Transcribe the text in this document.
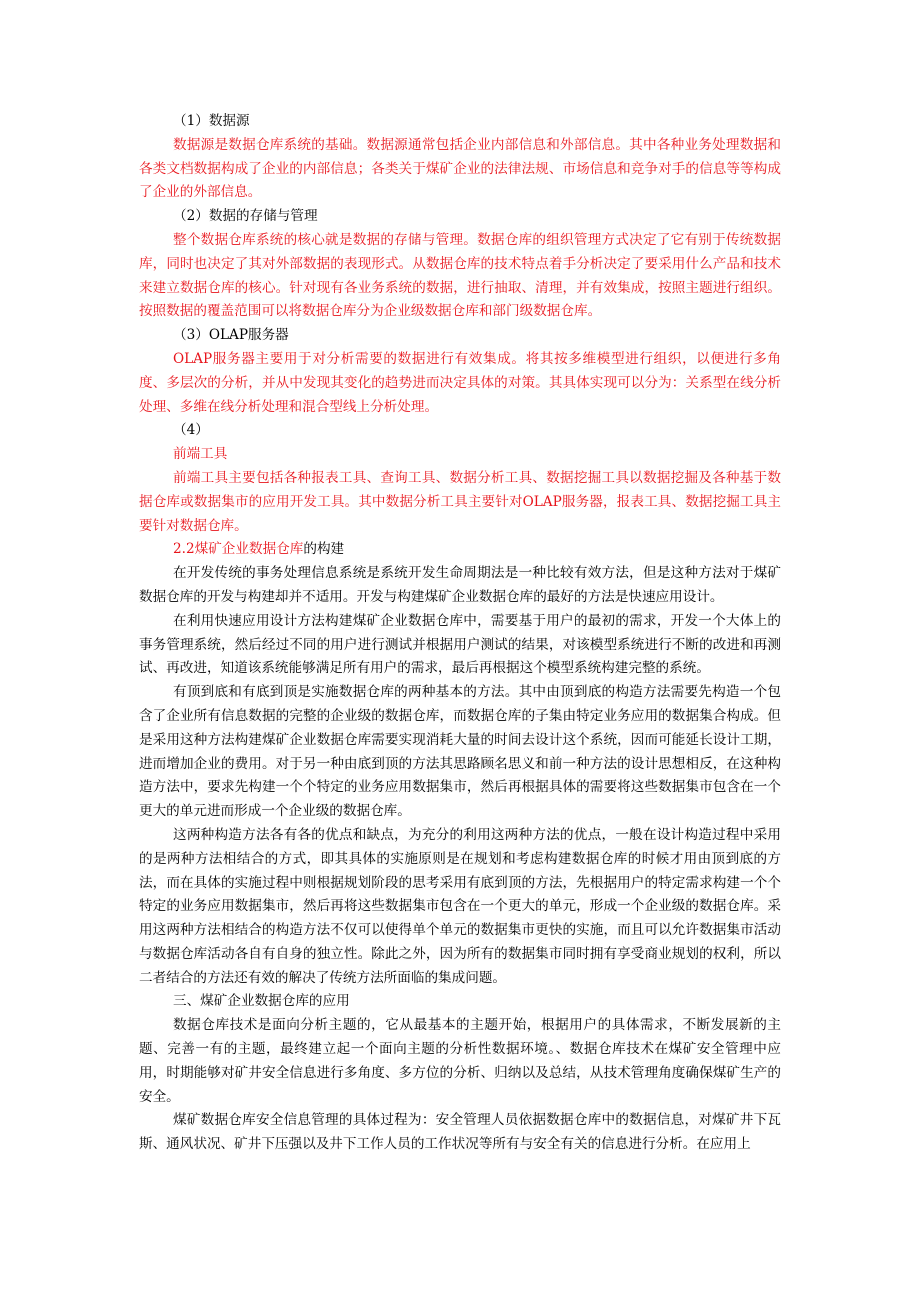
（1）数据源

数据源是数据仓库系统的基础。数据源通常包括企业内部信息和外部信息。其中各种业务处理数据和各类文档数据构成了企业的内部信息；各类关于煤矿企业的法律法规、市场信息和竞争对手的信息等等构成了企业的外部信息。

（2）数据的存储与管理

整个数据仓库系统的核心就是数据的存储与管理。数据仓库的组织管理方式决定了它有别于传统数据库，同时也决定了其对外部数据的表现形式。从数据仓库的技术特点着手分析决定了要采用什么产品和技术来建立数据仓库的核心。针对现有各业务系统的数据，进行抽取、清理，并有效集成，按照主题进行组织。按照数据的覆盖范围可以将数据仓库分为企业级数据仓库和部门级数据仓库。

（3）OLAP服务器

OLAP服务器主要用于对分析需要的数据进行有效集成。将其按多维模型进行组织，以便进行多角度、多层次的分析，并从中发现其变化的趋势进而决定具体的对策。其具体实现可以分为：关系型在线分析处理、多维在线分析处理和混合型线上分析处理。

（4）

前端工具

前端工具主要包括各种报表工具、查询工具、数据分析工具、数据挖掘工具以数据挖掘及各种基于数据仓库或数据集市的应用开发工具。其中数据分析工具主要针对OLAP服务器，报表工具、数据挖掘工具主要针对数据仓库。

2.2煤矿企业数据仓库的构建

在开发传统的事务处理信息系统是系统开发生命周期法是一种比较有效方法，但是这种方法对于煤矿数据仓库的开发与构建却并不适用。开发与构建煤矿企业数据仓库的最好的方法是快速应用设计。

在利用快速应用设计方法构建煤矿企业数据仓库中，需要基于用户的最初的需求，开发一个大体上的事务管理系统，然后经过不同的用户进行测试并根据用户测试的结果，对该模型系统进行不断的改进和再测试、再改进，知道该系统能够满足所有用户的需求，最后再根据这个模型系统构建完整的系统。

有顶到底和有底到顶是实施数据仓库的两种基本的方法。其中由顶到底的构造方法需要先构造一个包含了企业所有信息数据的完整的企业级的数据仓库，而数据仓库的子集由特定业务应用的数据集合构成。但是采用这种方法构建煤矿企业数据仓库需要实现消耗大量的时间去设计这个系统，因而可能延长设计工期，进而增加企业的费用。对于另一种由底到顶的方法其思路顾名思义和前一种方法的设计思想相反，在这种构造方法中，要求先构建一个个特定的业务应用数据集市，然后再根据具体的需要将这些数据集市包含在一个更大的单元进而形成一个企业级的数据仓库。

这两种构造方法各有各的优点和缺点，为充分的利用这两种方法的优点，一般在设计构造过程中采用的是两种方法相结合的方式，即其具体的实施原则是在规划和考虑构建数据仓库的时候才用由顶到底的方法，而在具体的实施过程中则根据规划阶段的思考采用有底到顶的方法，先根据用户的特定需求构建一个个特定的业务应用数据集市，然后再将这些数据集市包含在一个更大的单元，形成一个企业级的数据仓库。采用这两种方法相结合的构造方法不仅可以使得单个单元的数据集市更快的实施，而且可以允许数据集市活动与数据仓库活动各自有自身的独立性。除此之外，因为所有的数据集市同时拥有享受商业规划的权利，所以二者结合的方法还有效的解决了传统方法所面临的集成问题。

三、煤矿企业数据仓库的应用

数据仓库技术是面向分析主题的，它从最基本的主题开始，根据用户的具体需求，不断发展新的主题、完善一有的主题，最终建立起一个面向主题的分析性数据环境。、数据仓库技术在煤矿安全管理中应用，时期能够对矿井安全信息进行多角度、多方位的分析、归纳以及总结，从技术管理角度确保煤矿生产的安全。

煤矿数据仓库安全信息管理的具体过程为：安全管理人员依据数据仓库中的数据信息，对煤矿井下瓦斯、通风状况、矿井下压强以及井下工作人员的工作状况等所有与安全有关的信息进行分析。在应用上
